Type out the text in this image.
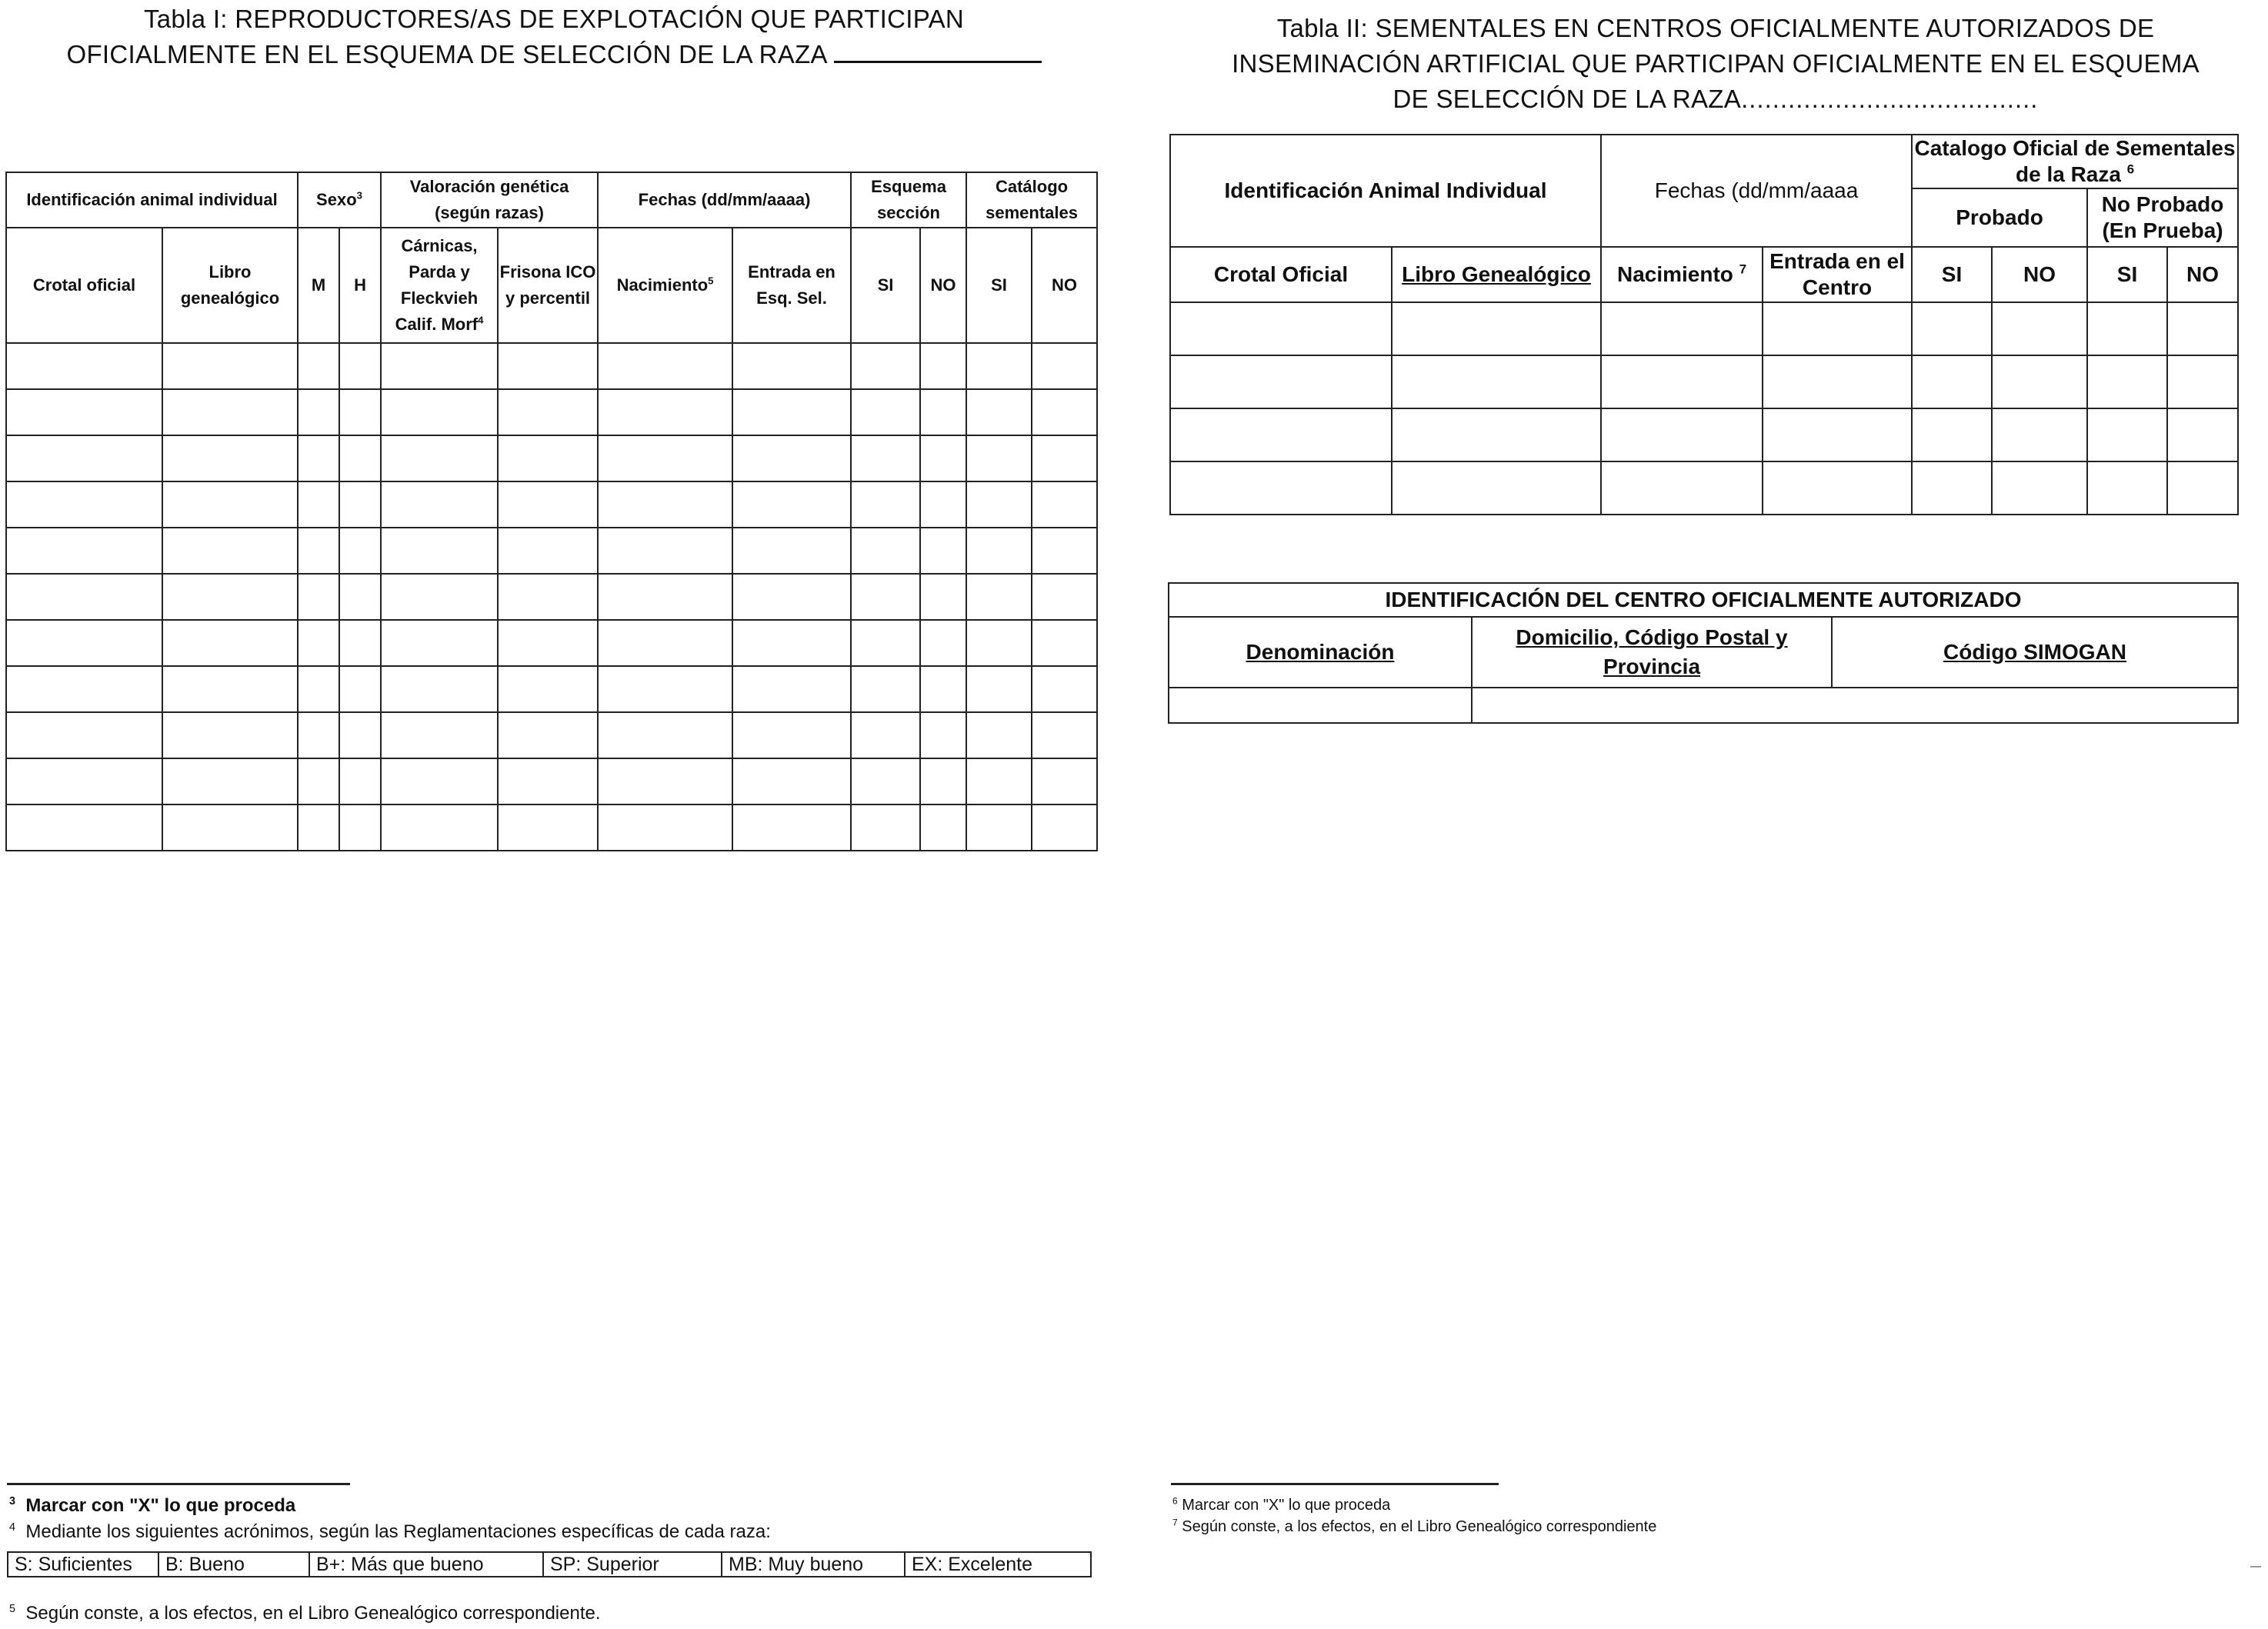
Tabla I: REPRODUCTORES/AS DE EXPLOTACIÓN QUE PARTICIPAN
OFICIALMENTE EN EL ESQUEMA DE SELECCIÓN DE LA RAZA
Tabla II: SEMENTALES EN CENTROS OFICIALMENTE AUTORIZADOS DE
INSEMINACIÓN ARTIFICIAL QUE PARTICIPAN OFICIALMENTE EN EL ESQUEMA
DE SELECCIÓN DE LA RAZA......................................
Identificación animal individual		Sexo$^3$		Valoración genética (según razas)		Fechas (dd/mm/aaaa)		Esquema sección		Catálogo sementales	
Crotal oficial	Libro genealógico	M	H	Cárnicas, Parda y Fleckvieh Calif. Morf$^4$	Frisona ICO y percentil	Nacimiento$^5$	Entrada en Esq. Sel.	SI	NO	SI	NO

Identificación Animal Individual		Fechas (dd/mm/aaaa		Catalogo Oficial de Sementales de la Raza $^6$
				Probado		No Probado (En Prueba)	
Crotal Oficial	Libro Genealógico	Nacimiento $^7$	Entrada en el Centro	SI	NO	SI	NO

IDENTIFICACIÓN DEL CENTRO OFICIALMENTE AUTORIZADO		
Denominación	Domicilio, Código Postal y Provincia	Código SIMOGAN

$^3$ Marcar con "X" lo que proceda
$^4$ Mediante los siguientes acrónimos, según las Reglamentaciones específicas de cada raza:
S: Suficientes	B: Bueno	B+: Más que bueno	SP: Superior	MB: Muy bueno	EX: Excelente
$^5$ Según conste, a los efectos, en el Libro Genealógico correspondiente.
$^6$ Marcar con "X" lo que proceda
$^7$ Según conste, a los efectos, en el Libro Genealógico correspondiente
